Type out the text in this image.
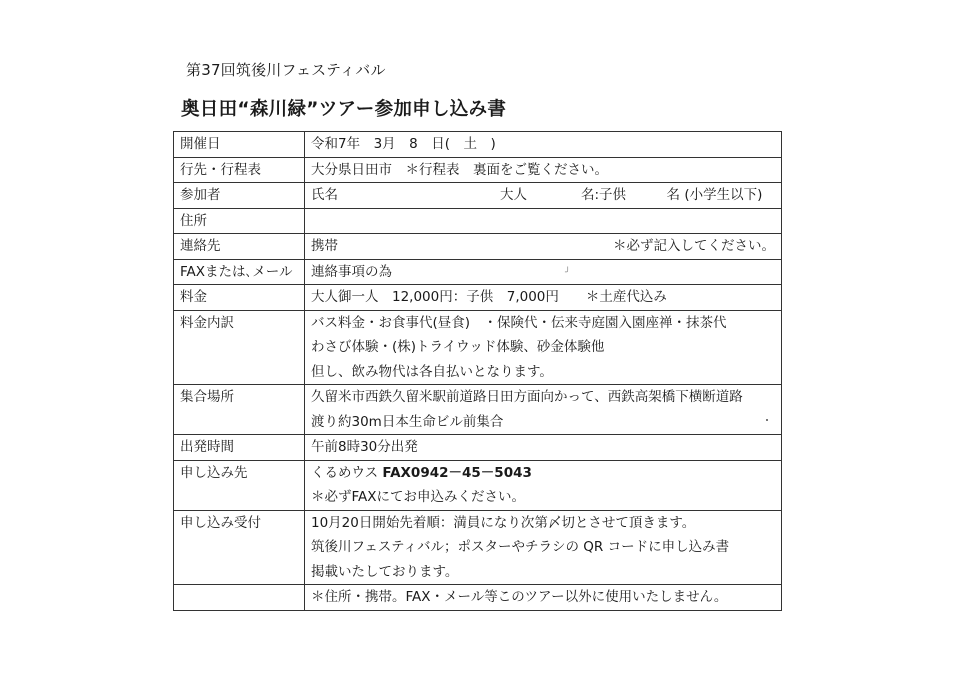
第37回筑後川フェスティバル
奥日田“森川緑”ツアー参加申し込み書
開催日	令和7年　3月　8　日(　土　)

行先・行程表	大分県日田市　＊行程表　裏面をご覧ください。

参加者	氏名　　　　　　　　　　　　大人　　　　名:子供　　　名 (小学生以下)

住所	

連絡先	携帯 ＊必ず記入してください。

FAXまたは､メール	連絡事項の為

料金	大人御一人　12,000円：子供　7,000円　　＊土産代込み

料金内訳	バス料金・お食事代(昼食)　・保険代・伝来寺庭園入園座禅・抹茶代
わさび体験・(株)トライウッド体験、砂金体験他
但し、飲み物代は各自払いとなります。

集合場所	久留米市西鉄久留米駅前道路日田方面向かって、西鉄高架橋下横断道路
渡り約30m日本生命ビル前集合

出発時間	午前8時30分出発

申し込み先	くるめウス FAX0942－45－5043
＊必ずFAXにてお申込みください。

申し込み受付	10月20日開始先着順：満員になり次第〆切とさせて頂きます。
筑後川フェスティバル；ポスターやチラシの QR コードに申し込み書
掲載いたしております。

	＊住所・携帯。FAX・メール等このツアー以外に使用いたしません。
╯
